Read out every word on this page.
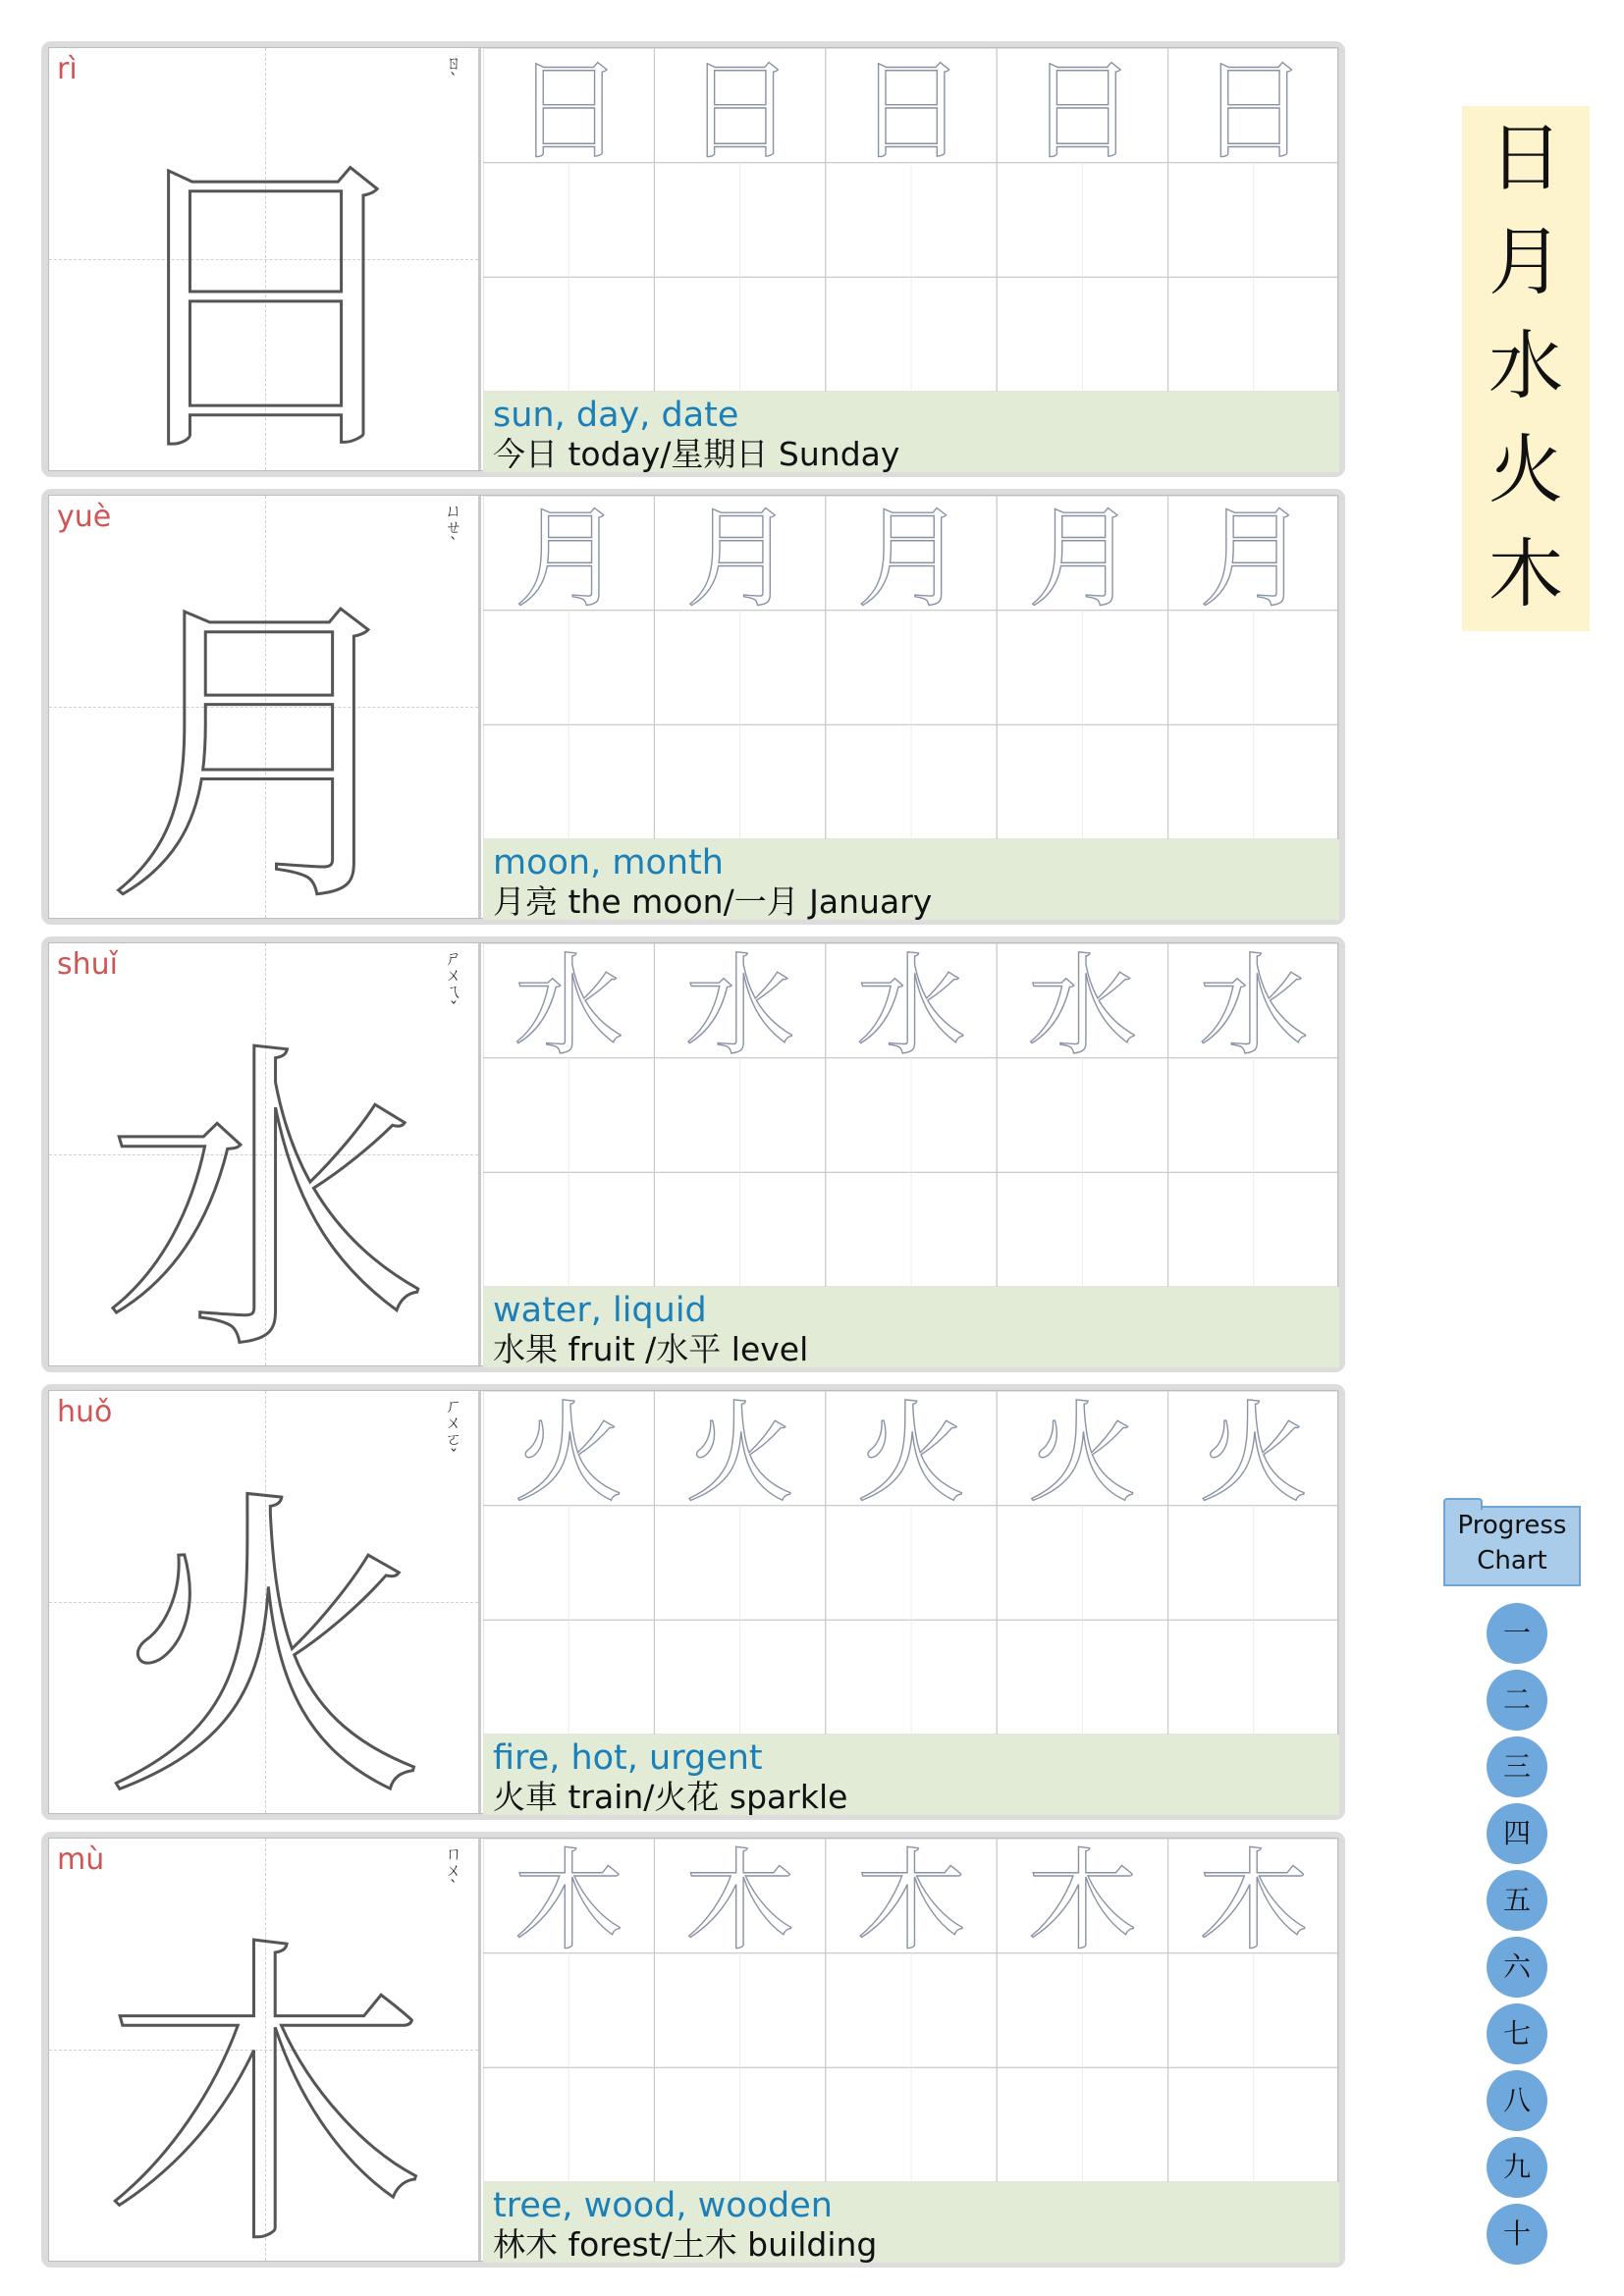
日
月
水
火
木
Progress
Chart
一
二
三
四
五
六
七
八
九
十
日
rì	ㄖˋ 日 日 日 日 日
sun, day, date
今日 today/星期日 Sunday
月
yuè	ㄩㄝˋ 月 月 月 月 月
moon, month
月亮 the moon/一月 January
水
shuǐ	ㄕㄨㄟˇ 水 水 水 水 水
water, liquid
水果 fruit /水平 level
火
huǒ	ㄏㄨㄛˇ 火 火 火 火 火
fire, hot, urgent
火車 train/火花 sparkle
木
mù	ㄇㄨˋ 木 木 木 木 木
tree, wood, wooden
林木 forest/土木 building
